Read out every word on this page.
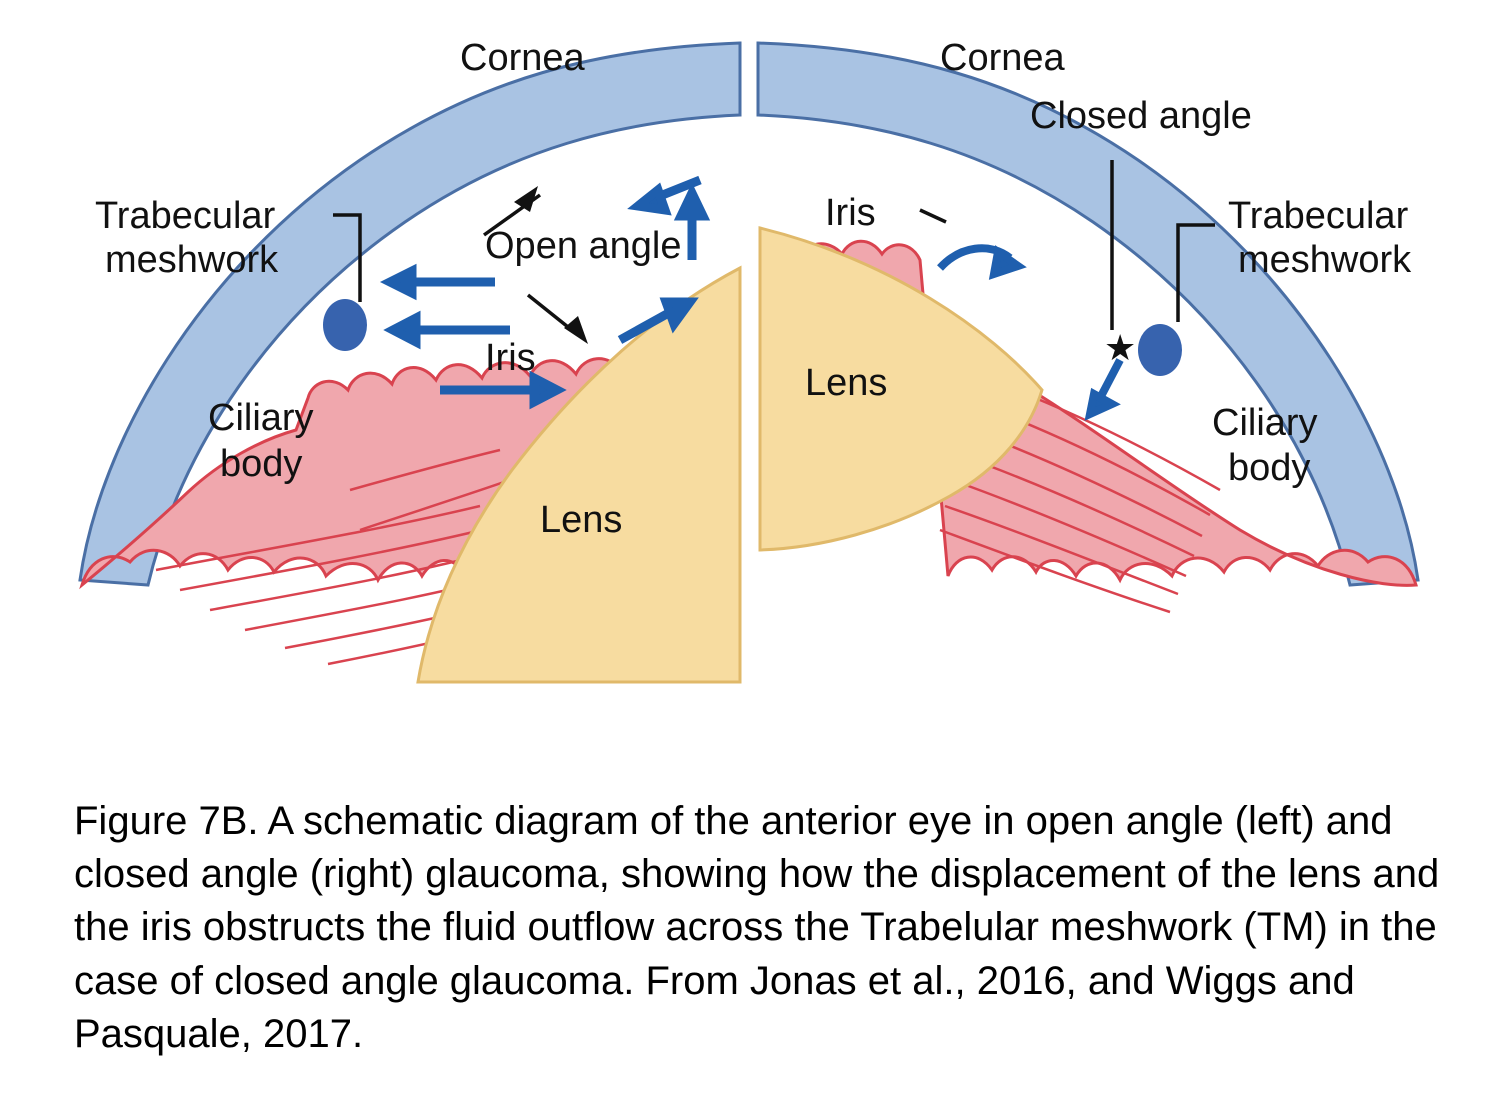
Cornea
Trabecular
meshwork	Open angle
Iris
Ciliary
body
Lens
★
Cornea
Closed angle
Trabecular
meshwork
Iris
Lens
Ciliary
body
Figure 7B. A schematic diagram of the anterior eye in open angle (left) and closed angle (right) glaucoma, showing how the displacement of the lens and the iris obstructs the fluid outflow across the Trabelular meshwork (TM) in the case of closed angle glaucoma. From Jonas et al., 2016, and Wiggs and Pasquale, 2017.
